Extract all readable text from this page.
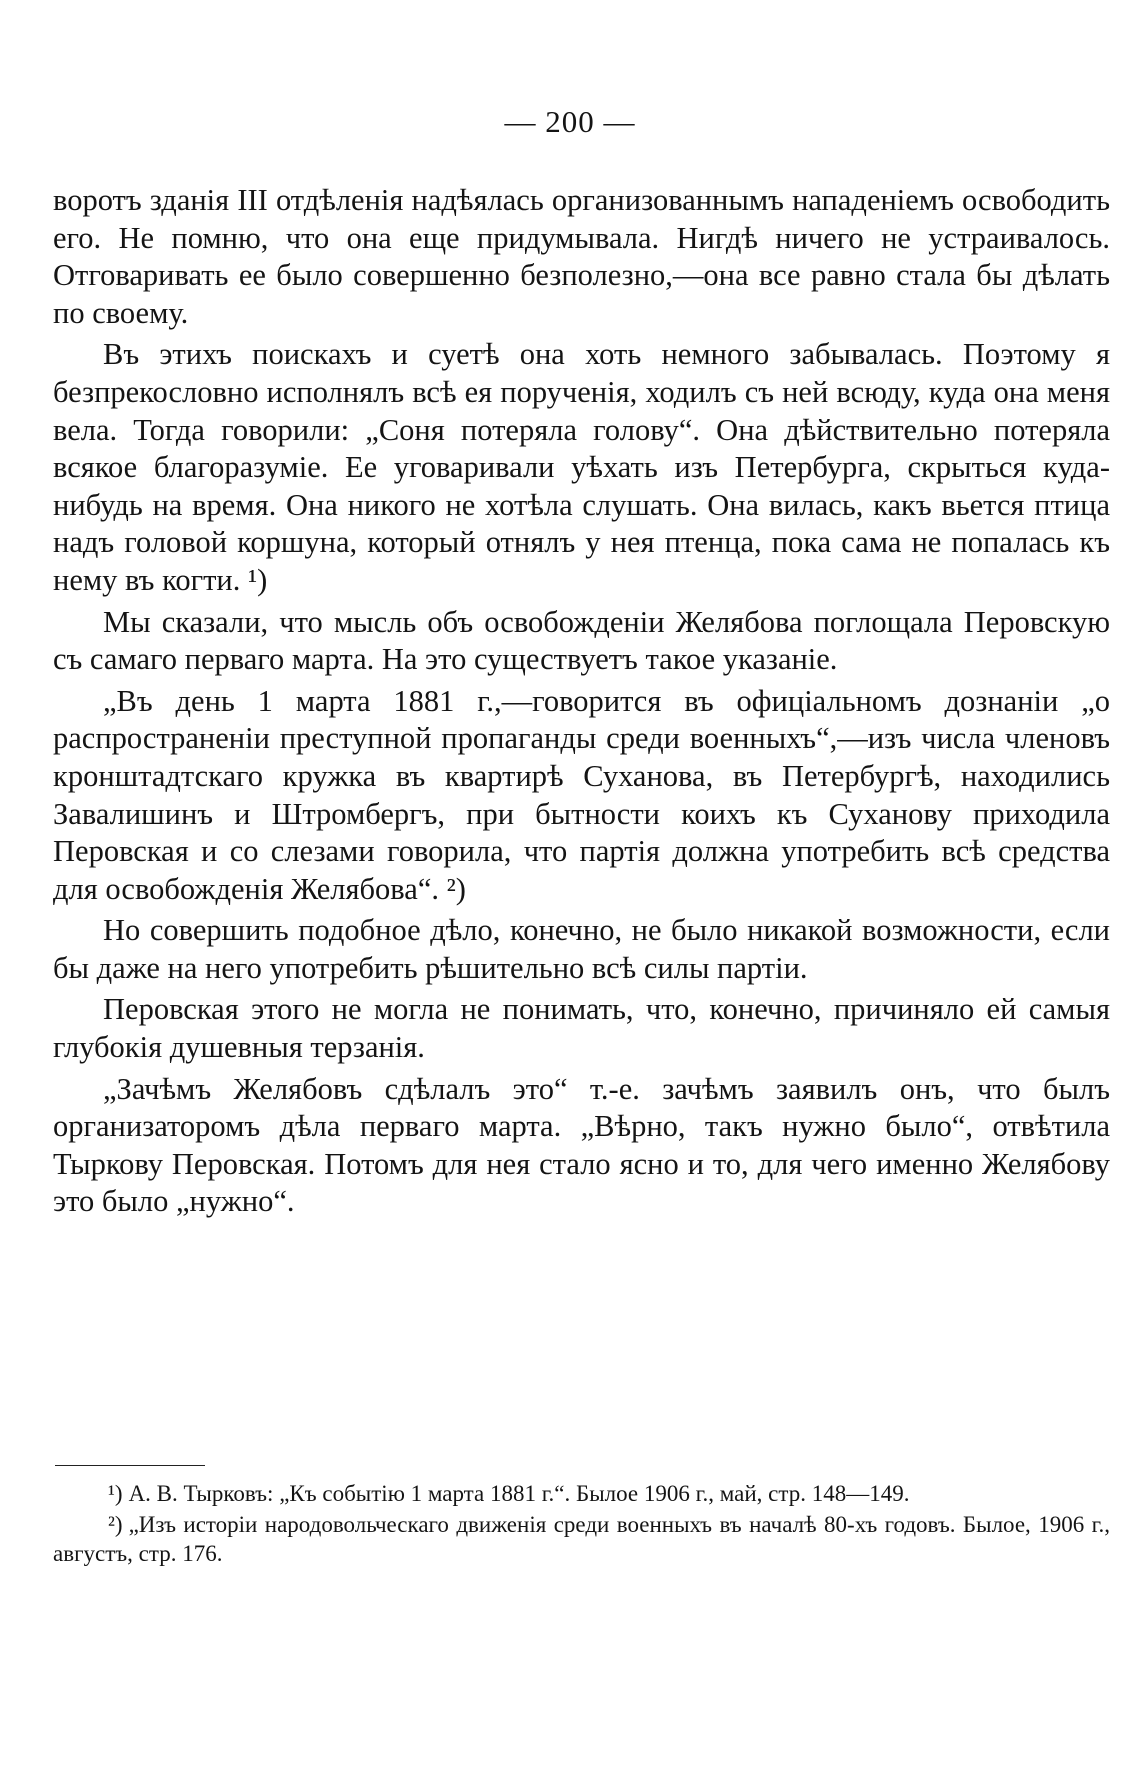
— 200 —

воротъ зданія III отдѣленія надѣялась организованнымъ нападеніемъ освободить его. Не помню, что она еще придумывала. Нигдѣ ничего не устраивалось. Отговаривать ее было совершенно безполезно,—она все равно стала бы дѣлать по своему.

Въ этихъ поискахъ и суетѣ она хоть немного забывалась. Поэтому я безпрекословно исполнялъ всѣ ея порученія, ходилъ съ ней всюду, куда она меня вела. Тогда говорили: „Соня потеряла голову“. Она дѣйствительно потеряла всякое благоразуміе. Ее уговаривали уѣхать изъ Петербурга, скрыться куда-нибудь на время. Она никого не хотѣла слушать. Она вилась, какъ вьется птица надъ головой коршуна, который отнялъ у нея птенца, пока сама не попалась къ нему въ когти. ¹)

Мы сказали, что мысль объ освобожденіи Желябова поглощала Перовскую съ самаго перваго марта. На это существуетъ такое указаніе.

„Въ день 1 марта 1881 г.,—говорится въ офиціальномъ дознаніи „о распространеніи преступной пропаганды среди военныхъ“,—изъ числа членовъ кронштадтскаго кружка въ квартирѣ Суханова, въ Петербургѣ, находились Завалишинъ и Штромбергъ, при бытности коихъ къ Суханову приходила Перовская и со слезами говорила, что партія должна употребить всѣ средства для освобожденія Желябова“. ²)

Но совершить подобное дѣло, конечно, не было никакой возможности, если бы даже на него употребить рѣшительно всѣ силы партіи.

Перовская этого не могла не понимать, что, конечно, причиняло ей самыя глубокія душевныя терзанія.

„Зачѣмъ Желябовъ сдѣлалъ это“ т.-е. зачѣмъ заявилъ онъ, что былъ организаторомъ дѣла перваго марта. „Вѣрно, такъ нужно было“, отвѣтила Тыркову Перовская. Потомъ для нея стало ясно и то, для чего именно Желябову это было „нужно“.

¹) А. В. Тырковъ: „Къ событію 1 марта 1881 г.“. Былое 1906 г., май, стр. 148—149.

²) „Изъ исторіи народовольческаго движенія среди военныхъ въ началѣ 80-хъ годовъ. Былое, 1906 г., августъ, стр. 176.
